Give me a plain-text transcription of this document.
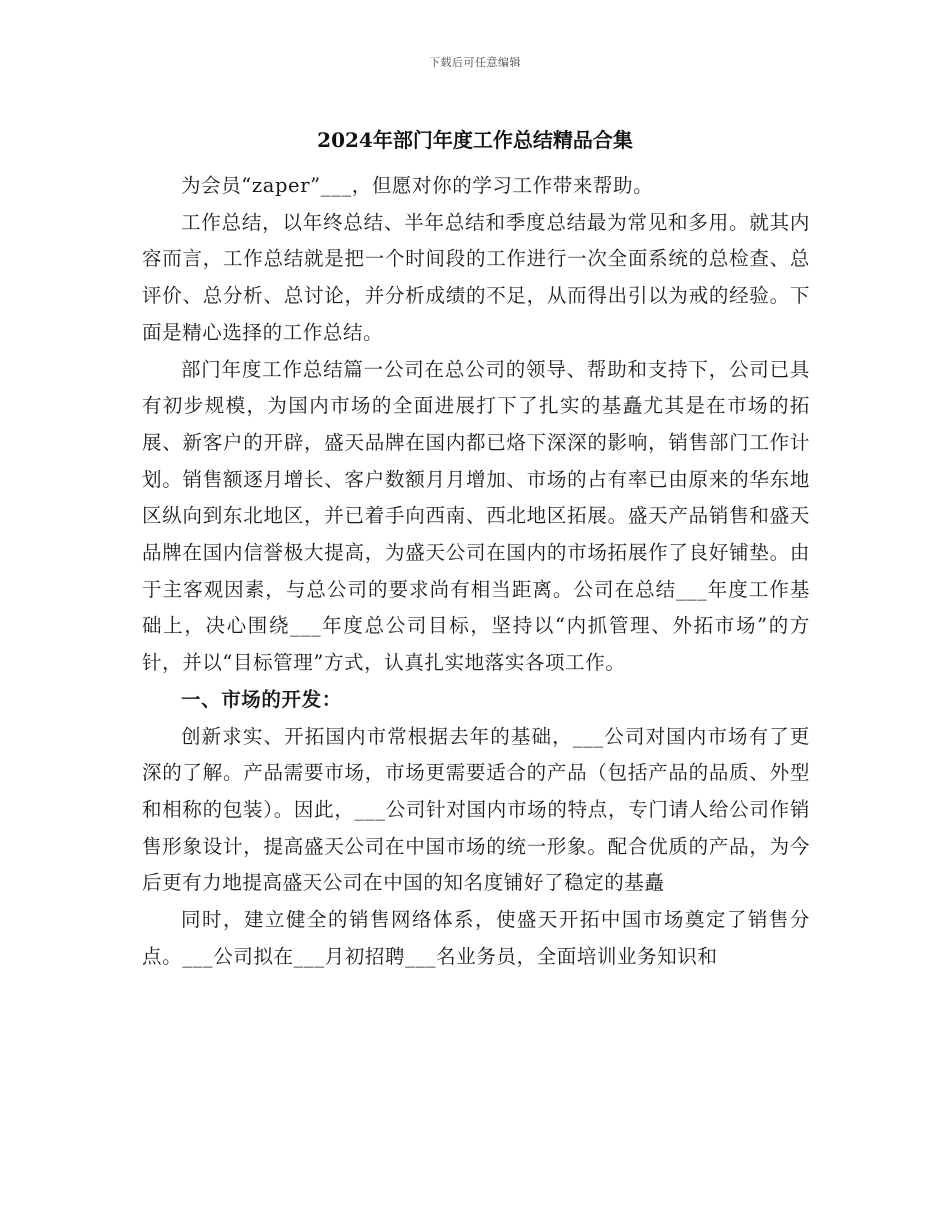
下载后可任意编辑
2024年部门年度工作总结精品合集

为会员“zaper”___，但愿对你的学习工作带来帮助。

工作总结，以年终总结、半年总结和季度总结最为常见和多用。就其内容而言，工作总结就是把一个时间段的工作进行一次全面系统的总检查、总评价、总分析、总讨论，并分析成绩的不足，从而得出引以为戒的经验。下面是精心选择的工作总结。

部门年度工作总结篇一公司在总公司的领导、帮助和支持下，公司已具有初步规模，为国内市场的全面进展打下了扎实的基矗尤其是在市场的拓展、新客户的开辟，盛天品牌在国内都已烙下深深的影响，销售部门工作计划。销售额逐月增长、客户数额月月增加、市场的占有率已由原来的华东地区纵向到东北地区，并已着手向西南、西北地区拓展。盛天产品销售和盛天品牌在国内信誉极大提高，为盛天公司在国内的市场拓展作了良好铺垫。由于主客观因素，与总公司的要求尚有相当距离。公司在总结___年度工作基础上，决心围绕___年度总公司目标，坚持以“内抓管理、外拓市场”的方针，并以“目标管理”方式，认真扎实地落实各项工作。

一、市场的开发：

创新求实、开拓国内市常根据去年的基础，___公司对国内市场有了更深的了解。产品需要市场，市场更需要适合的产品（包括产品的品质、外型和相称的包装）。因此，___公司针对国内市场的特点，专门请人给公司作销售形象设计，提高盛天公司在中国市场的统一形象。配合优质的产品，为今后更有力地提高盛天公司在中国的知名度铺好了稳定的基矗

同时，建立健全的销售网络体系，使盛天开拓中国市场奠定了销售分点。___公司拟在___月初招聘___名业务员，全面培训业务知识和
